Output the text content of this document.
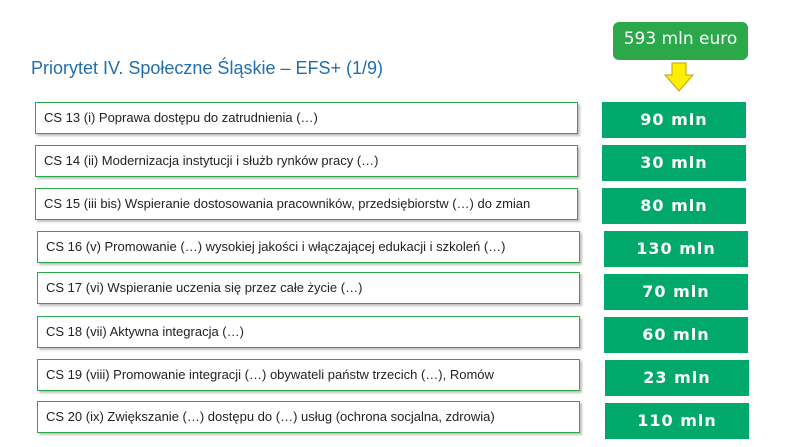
593 mln euro
Priorytet IV. Społeczne Śląskie – EFS+ (1/9)
CS 13 (i) Poprawa dostępu do zatrudnienia (…)	90 mln
CS 14 (ii) Modernizacja instytucji i służb rynków pracy (…)	30 mln
CS 15 (iii bis) Wspieranie dostosowania pracowników, przedsiębiorstw (…) do zmian	80 mln
CS 16 (v) Promowanie (…) wysokiej jakości i włączającej edukacji i szkoleń (…)	130 mln
CS 17 (vi) Wspieranie uczenia się przez całe życie (…)	70 mln
CS 18 (vii) Aktywna integracja (…)	60 mln
CS 19 (viii) Promowanie integracji (…) obywateli państw trzecich (…), Romów	23 mln
CS 20 (ix) Zwiększanie (…) dostępu do (…) usług (ochrona socjalna, zdrowia)	110 mln
